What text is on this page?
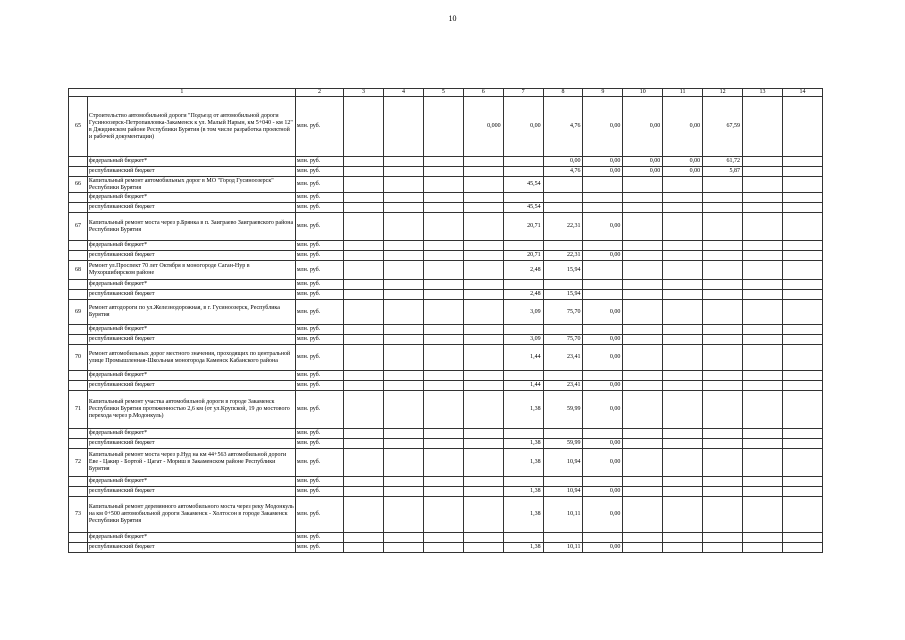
10
1		2	3	4	5	6	7	8	9	10	11	12	13	14
65	Строительство автомобильной дороги "Подъезд от автомобильной дороги Гусиноозерск-Петропавловка-Закаменск к ул. Малый Нарын, км 5+040 - км 12" в Джидинском районе Республики Бурятия (в том числе разработка проектной и рабочей документации)	млн. руб.				0,000	0,00	4,76	0,00	0,00	0,00	67,59		
	федеральный бюджет*	млн. руб.						0,00	0,00	0,00	0,00	61,72		
	республиканский бюджет	млн. руб.						4,76	0,00	0,00	0,00	5,87		
66	Капитальный ремонт автомобильных дорог в МО "Город Гусиноозерск" Республики Бурятия	млн. руб.					45,54							
	федеральный бюджет*	млн. руб.												
	республиканский бюджет	млн. руб.					45,54							
67	Капитальный ремонт моста через р.Брянка в п. Заиграево Заиграевского района Республики Бурятия	млн. руб.					20,71	22,31	0,00					
	федеральный бюджет*	млн. руб.												
	республиканский бюджет	млн. руб.					20,71	22,31	0,00					
68	Ремонт ул.Проспект 70 лет Октября в моногороде Саган-Нур в Мухоршибирском районе	млн. руб.					2,48	15,94						
	федеральный бюджет*	млн. руб.												
	республиканский бюджет	млн. руб.					2,48	15,94						
69	Ремонт автодороги по ул.Железнодорожная, в г. Гусиноозерск, Республика Бурятия	млн. руб.					3,09	75,70	0,00					
	федеральный бюджет*	млн. руб.												
	республиканский бюджет	млн. руб.					3,09	75,70	0,00					
70	Ремонт автомобильных дорог местного значения, проходящих по центральной улице Промышленная-Школьная моногорода Каменск Кабанского района	млн. руб.					1,44	23,41	0,00					
	федеральный бюджет*	млн. руб.												
	республиканский бюджет	млн. руб.					1,44	23,41	0,00					
71	Капитальный ремонт участка автомобильной дороги в городе Закаменск Республики Бурятия протяженностью 2,6 км (от ул.Крупской, 19 до мостового перехода через р.Модонкуль)	млн. руб.					1,38	59,99	0,00					
	федеральный бюджет*	млн. руб.												
	республиканский бюджет	млн. руб.					1,38	59,99	0,00					
72	Капитальный ремонт моста через р.Нуд на км 44+563 автомобильной дороги Еве - Цакир - Бортой - Цагат - Мориш в Закаменском районе Республики Бурятия	млн. руб.					1,38	10,94	0,00					
	федеральный бюджет*	млн. руб.												
	республиканский бюджет	млн. руб.					1,38	10,94	0,00					
73	Капитальный ремонт деревянного автомобильного моста через реку Модонкуль на км 0+500 автомобильной дороги Закаменск - Холтосон в городе Закаменск Республики Бурятия	млн. руб.					1,38	10,11	0,00					
	федеральный бюджет*	млн. руб.												
	республиканский бюджет	млн. руб.					1,38	10,11	0,00					
